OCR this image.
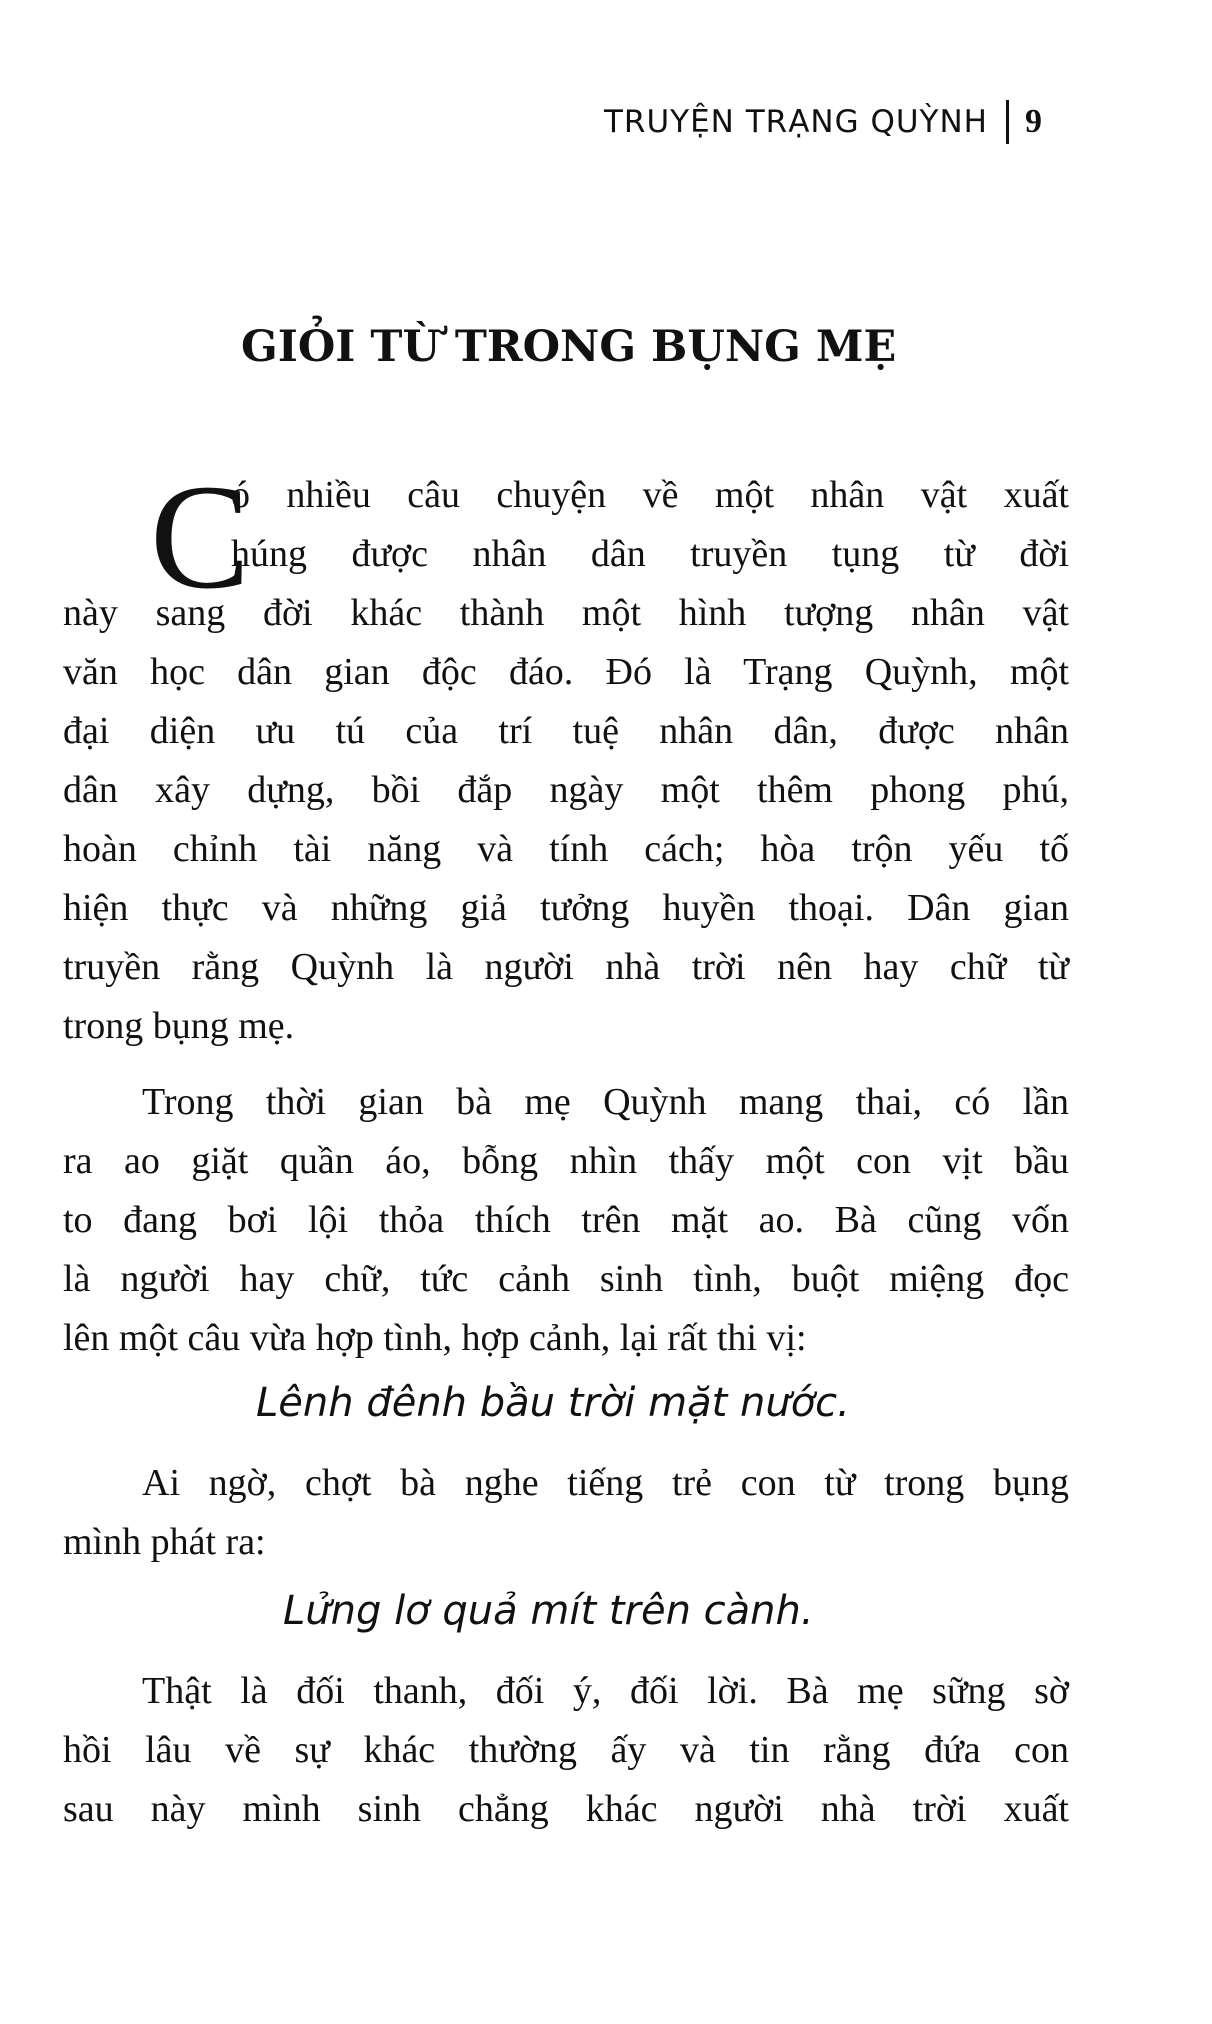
TRUYỆN TRẠNG QUỲNH 9
GIỎI TỪ TRONG BỤNG MẸ
C
ó nhiều câu chuyện về một nhân vật xuất
húng được nhân dân truyền tụng từ đời
này sang đời khác thành một hình tượng nhân vật
văn học dân gian độc đáo. Đó là Trạng Quỳnh, một
đại diện ưu tú của trí tuệ nhân dân, được nhân
dân xây dựng, bồi đắp ngày một thêm phong phú,
hoàn chỉnh tài năng và tính cách; hòa trộn yếu tố
hiện thực và những giả tưởng huyền thoại. Dân gian
truyền rằng Quỳnh là người nhà trời nên hay chữ từ
trong bụng mẹ.
Trong thời gian bà mẹ Quỳnh mang thai, có lần
ra ao giặt quần áo, bỗng nhìn thấy một con vịt bầu
to đang bơi lội thỏa thích trên mặt ao. Bà cũng vốn
là người hay chữ, tức cảnh sinh tình, buột miệng đọc
lên một câu vừa hợp tình, hợp cảnh, lại rất thi vị:
Lênh đênh bầu trời mặt nước.
Ai ngờ, chợt bà nghe tiếng trẻ con từ trong bụng
mình phát ra:
Lửng lơ quả mít trên cành.
Thật là đối thanh, đối ý, đối lời. Bà mẹ sững sờ
hồi lâu về sự khác thường ấy và tin rằng đứa con
sau này mình sinh chẳng khác người nhà trời xuất
